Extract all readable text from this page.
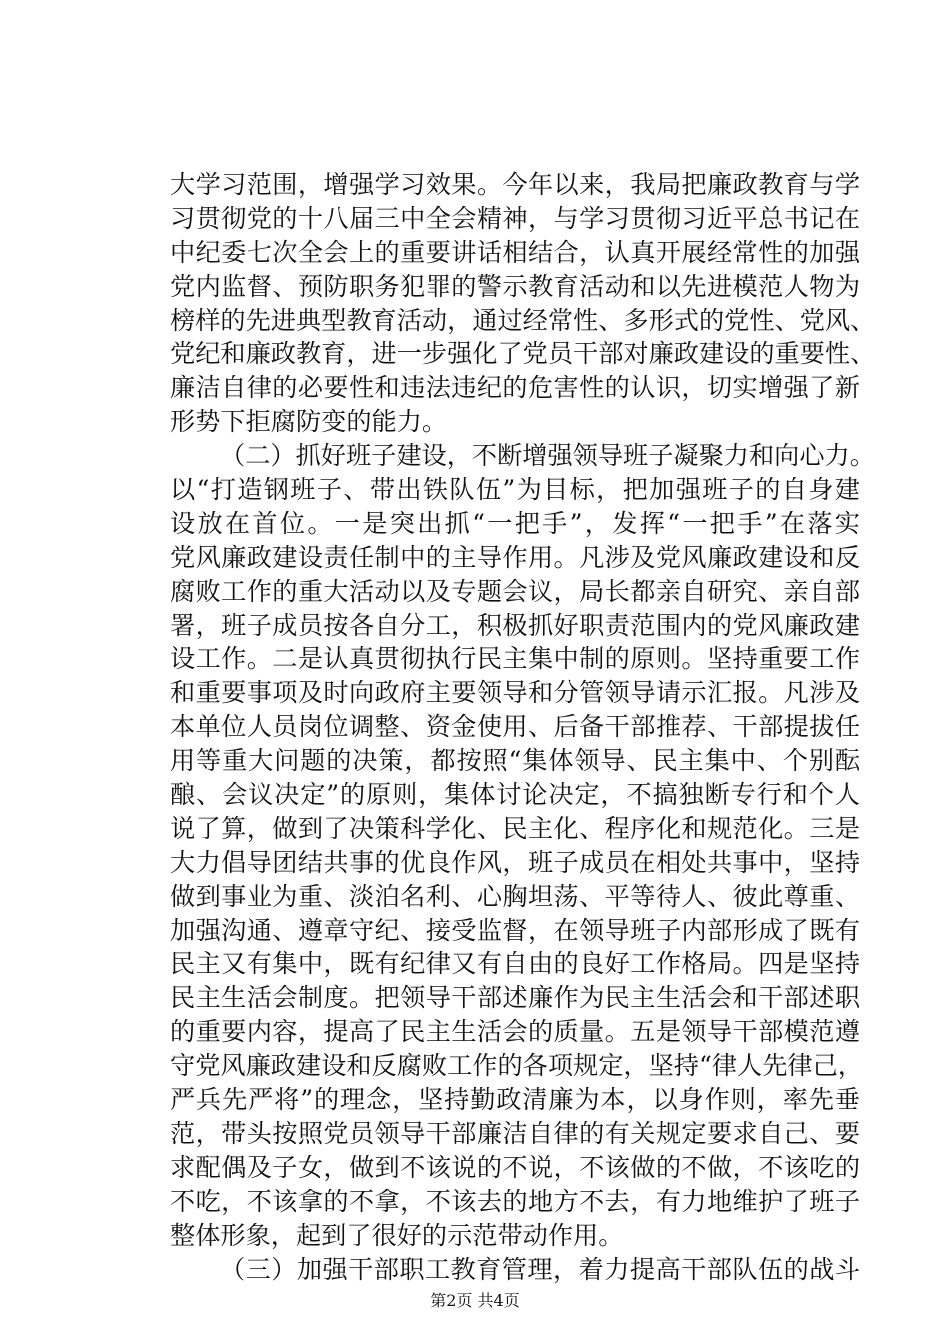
大学习范围，增强学习效果。今年以来，我局把廉政教育与学
习贯彻党的十八届三中全会精神，与学习贯彻习近平总书记在
中纪委七次全会上的重要讲话相结合，认真开展经常性的加强
党内监督、预防职务犯罪的警示教育活动和以先进模范人物为
榜样的先进典型教育活动，通过经常性、多形式的党性、党风、
党纪和廉政教育，进一步强化了党员干部对廉政建设的重要性、
廉洁自律的必要性和违法违纪的危害性的认识，切实增强了新
形势下拒腐防变的能力。
（二）抓好班子建设，不断增强领导班子凝聚力和向心力。
以“打造钢班子、带出铁队伍”为目标，把加强班子的自身建
设放在首位。一是突出抓“一把手”，发挥“一把手”在落实
党风廉政建设责任制中的主导作用。凡涉及党风廉政建设和反
腐败工作的重大活动以及专题会议，局长都亲自研究、亲自部
署，班子成员按各自分工，积极抓好职责范围内的党风廉政建
设工作。二是认真贯彻执行民主集中制的原则。坚持重要工作
和重要事项及时向政府主要领导和分管领导请示汇报。凡涉及
本单位人员岗位调整、资金使用、后备干部推荐、干部提拔任
用等重大问题的决策，都按照“集体领导、民主集中、个别酝
酿、会议决定”的原则，集体讨论决定，不搞独断专行和个人
说了算，做到了决策科学化、民主化、程序化和规范化。三是
大力倡导团结共事的优良作风，班子成员在相处共事中，坚持
做到事业为重、淡泊名利、心胸坦荡、平等待人、彼此尊重、
加强沟通、遵章守纪、接受监督，在领导班子内部形成了既有
民主又有集中，既有纪律又有自由的良好工作格局。四是坚持
民主生活会制度。把领导干部述廉作为民主生活会和干部述职
的重要内容，提高了民主生活会的质量。五是领导干部模范遵
守党风廉政建设和反腐败工作的各项规定，坚持“律人先律己，
严兵先严将”的理念，坚持勤政清廉为本，以身作则，率先垂
范，带头按照党员领导干部廉洁自律的有关规定要求自己、要
求配偶及子女，做到不该说的不说，不该做的不做，不该吃的
不吃，不该拿的不拿，不该去的地方不去，有力地维护了班子
整体形象，起到了很好的示范带动作用。
（三）加强干部职工教育管理，着力提高干部队伍的战斗
第2页 共4页
